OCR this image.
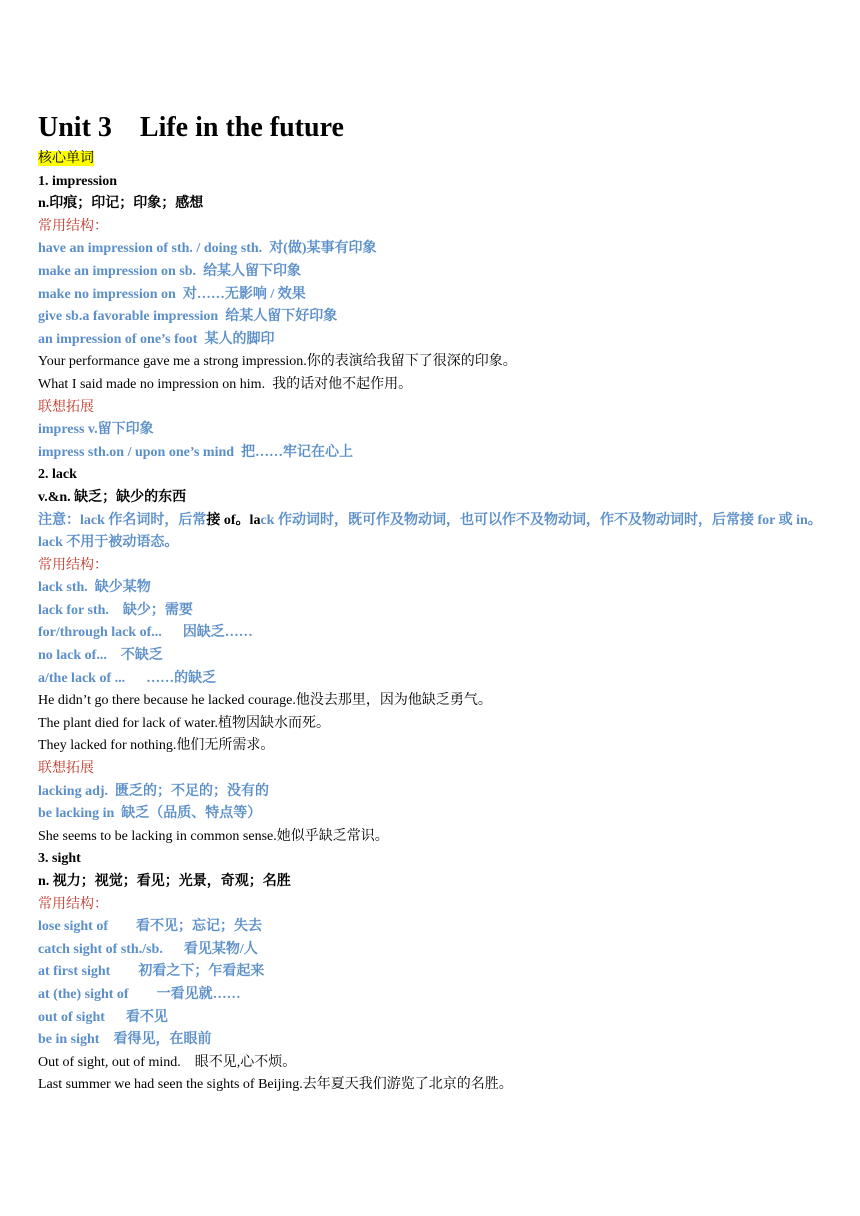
Unit 3    Life in the future
核心单词
1. impression
n.印痕；印记；印象；感想
常用结构：
have an impression of sth. / doing sth. 对(做)某事有印象
make an impression on sb. 给某人留下印象
make no impression on 对……无影响 / 效果
give sb.a favorable impression 给某人留下好印象
an impression of one’s foot 某人的脚印
Your performance gave me a strong impression.你的表演给我留下了很深的印象。
What I said made no impression on him.  我的话对他不起作用。
联想拓展
impress v.留下印象
impress sth.on / upon one’s mind 把……牢记在心上
2. lack
v.&n. 缺乏；缺少的东西
注意：lack 作名词时，后常接 of。lack 作动词时，既可作及物动词，也可以作不及物动词，作不及物动词时，后常接 for 或 in。lack 不用于被动语态。
常用结构：
lack sth. 缺少某物
lack for sth. 缺少；需要
for/through lack of... 因缺乏……
no lack of... 不缺乏
a/the lack of ... ……的缺乏
He didn’t go there because he lacked courage.他没去那里，因为他缺乏勇气。
The plant died for lack of water.植物因缺水而死。
They lacked for nothing.他们无所需求。
联想拓展
lacking adj. 匮乏的；不足的；没有的
be lacking in 缺乏（品质、特点等）
She seems to be lacking in common sense.她似乎缺乏常识。
3. sight
n. 视力；视觉；看见；光景，奇观；名胜
常用结构：
lose sight of 看不见；忘记；失去
catch sight of sth./sb. 看见某物/人
at first sight 初看之下；乍看起来
at (the) sight of 一看见就……
out of sight 看不见
be in sight 看得见，在眼前
Out of sight, out of mind.    眼不见,心不烦。
Last summer we had seen the sights of Beijing.去年夏天我们游览了北京的名胜。
